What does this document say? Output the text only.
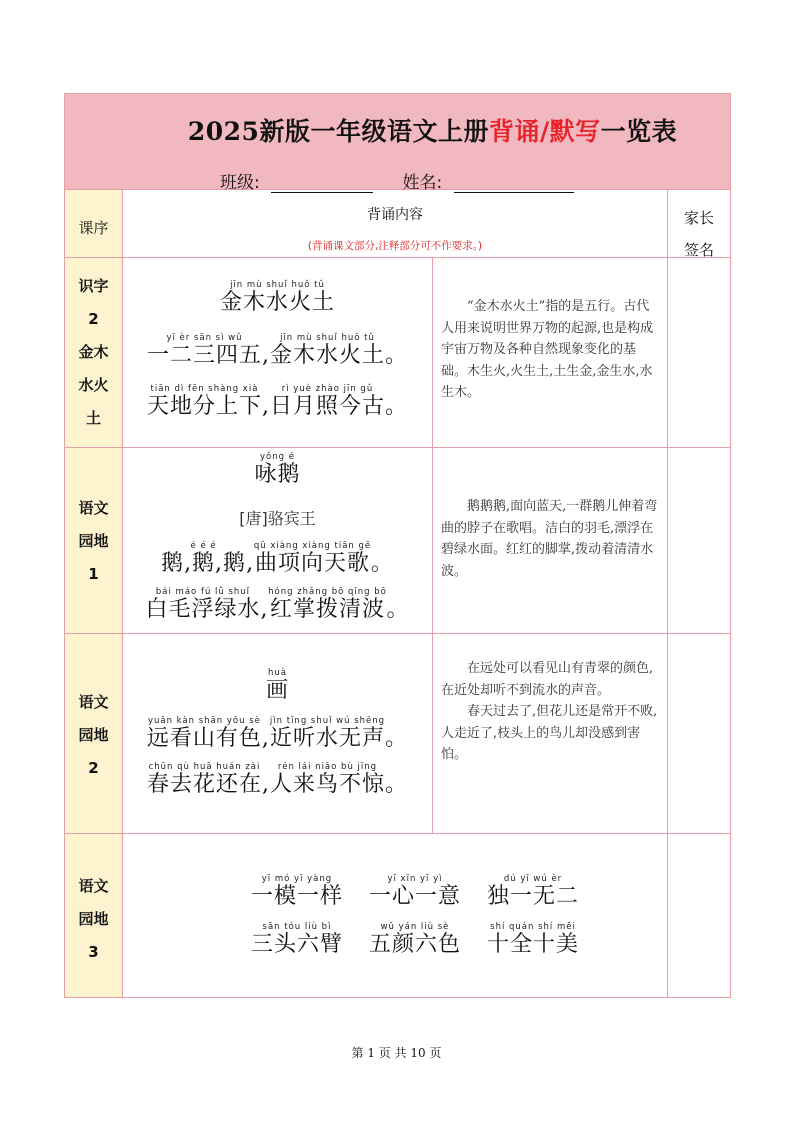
2025新版一年级语文上册背诵/默写一览表
班级:	姓名:
课序
背诵内容
(背诵课文部分,注释部分可不作要求。)
家长
签名
识字
2
金木
水火
土
金木水火土jīn mù shuǐ huǒ tǔ
一二三四五yī èr sān sì wǔ,金木水火土jīn mù shuǐ huǒ tǔ。
天地分上下tiān dì fēn shàng xià,日月照今古rì yuè zhào jīn gǔ。
“金木水火土”指的是五行。古代人用来说明世界万物的起源,也是构成宇宙万物及各种自然现象变化的基础。木生火,火生土,土生金,金生水,水生木。
语文
园地
1
咏鹅yǒng é
[唐]骆宾王
鹅,鹅,鹅é é é,曲项向天歌qū xiàng xiàng tiān gē。
白毛浮绿水bái máo fú lǜ shuǐ,红掌拨清波hóng zhǎng bō qīng bō。
鹅鹅鹅,面向蓝天,一群鹅儿伸着弯曲的脖子在歌唱。洁白的羽毛,漂浮在碧绿水面。红红的脚掌,拨动着清清水波。
语文
园地
2
画huà
远看山有色yuǎn kàn shān yǒu sè,近听水无声jìn tīng shuǐ wú shēng。
春去花还在chūn qù huā huán zài,人来鸟不惊rén lái niǎo bù jīng。
在远处可以看见山有青翠的颜色,在近处却听不到流水的声音。
春天过去了,但花儿还是常开不败,人走近了,枝头上的鸟儿却没感到害怕。
语文
园地
3
一模一样yī mó yī yàng一心一意yī xīn yī yì独一无二dú yī wú èr
三头六臂sān tóu liù bì五颜六色wǔ yán liù sè十全十美shí quán shí měi
第 1 页 共 10 页
